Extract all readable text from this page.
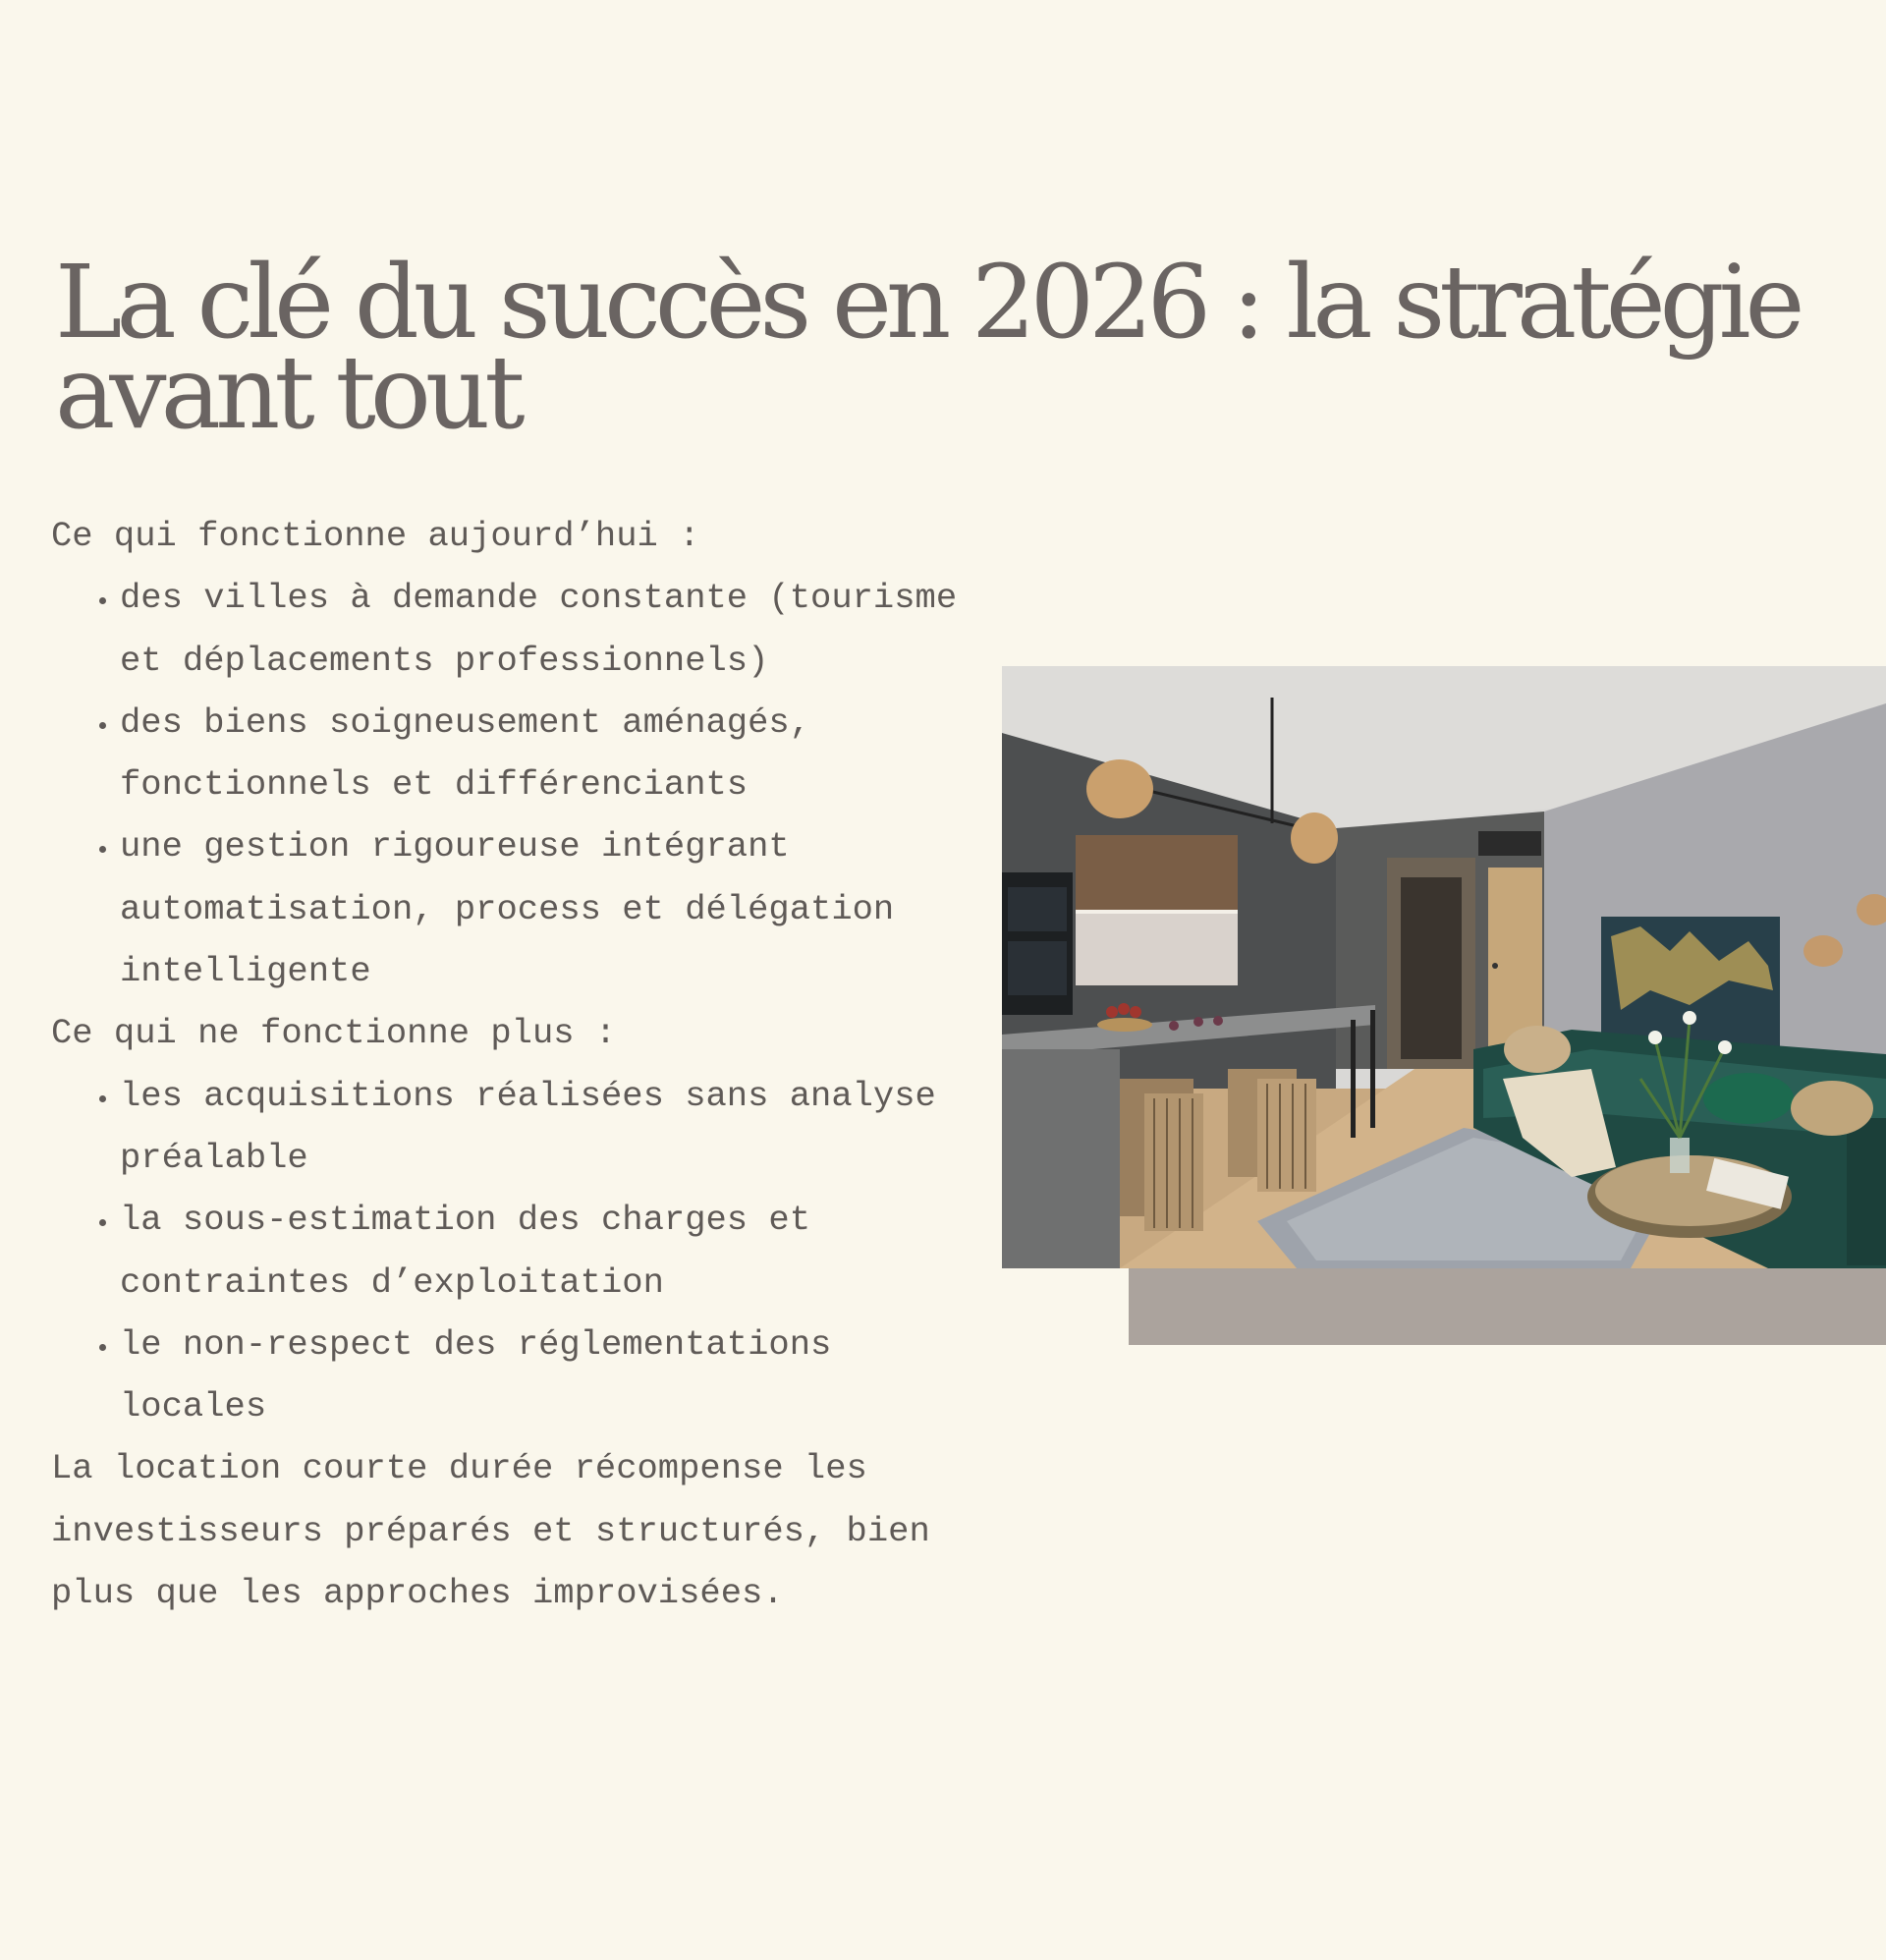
La clé du succès en 2026 : la stratégie avant tout

Ce qui fonctionne aujourd’hui :

• des villes à demande constante (tourisme et déplacements professionnels)
• des biens soigneusement aménagés, fonctionnels et différenciants
• une gestion rigoureuse intégrant automatisation, process et délégation intelligente

Ce qui ne fonctionne plus :

• les acquisitions réalisées sans analyse préalable
• la sous-estimation des charges et contraintes d’exploitation
• le non-respect des réglementations locales

La location courte durée récompense les investisseurs préparés et structurés, bien plus que les approches improvisées.
